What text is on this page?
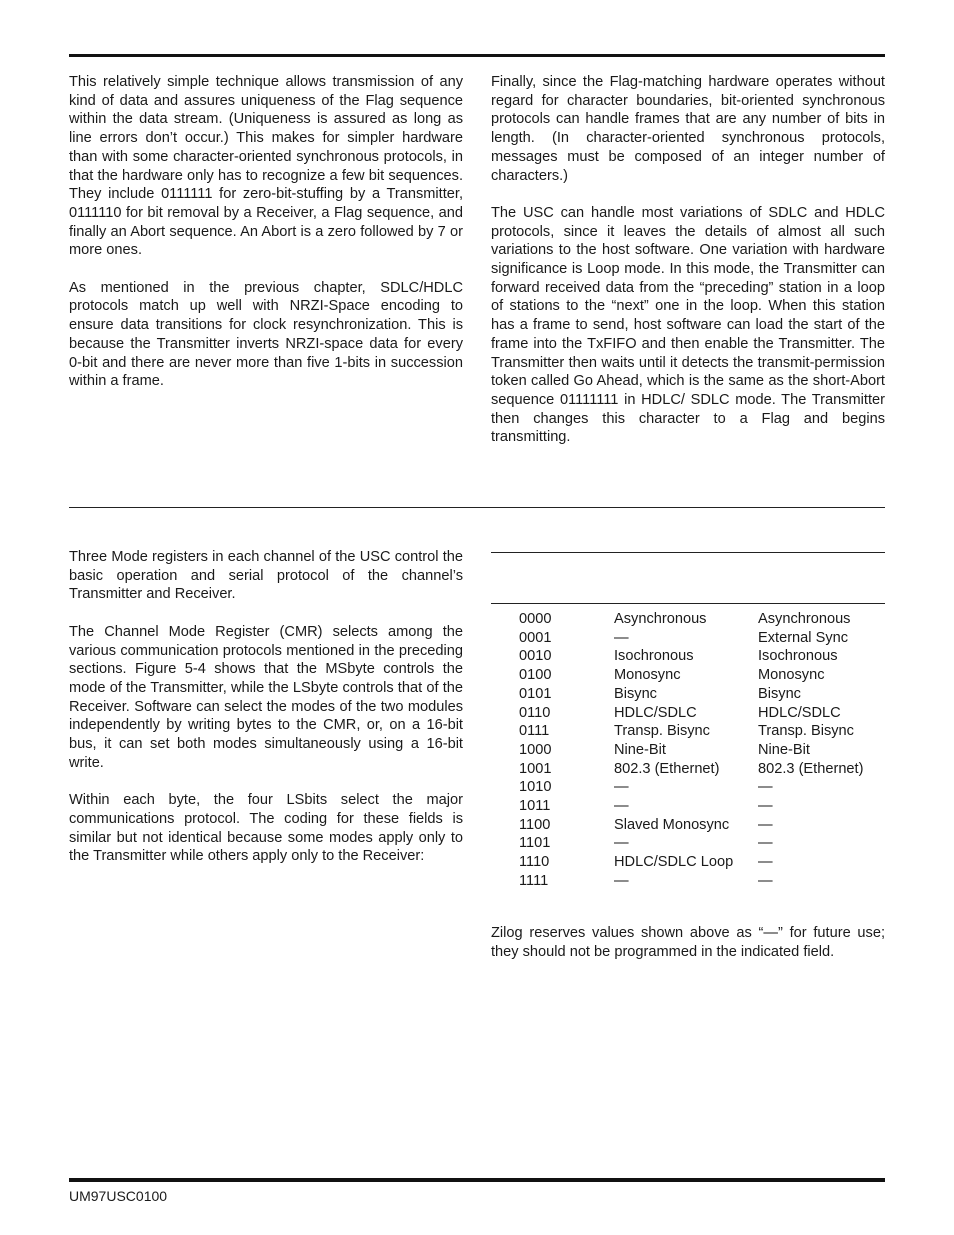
This relatively simple technique allows transmission of any kind of data and assures uniqueness of the Flag sequence within the data stream. (Uniqueness is assured as long as line errors don’t occur.) This makes for simpler hardware than with some character-oriented synchronous protocols, in that the hardware only has to recognize a few bit sequences. They include 0111111 for zero-bit-stuffing by a Transmitter, 0111110 for bit removal by a Receiver, a Flag sequence, and finally an Abort sequence. An Abort is a zero followed by 7 or more ones.

As mentioned in the previous chapter, SDLC/HDLC protocols match up well with NRZI-Space encoding to ensure data transitions for clock resynchronization. This is because the Transmitter inverts NRZI-space data for every 0-bit and there are never more than five 1-bits in succession within a frame.

Finally, since the Flag-matching hardware operates without regard for character boundaries, bit-oriented synchronous protocols can handle frames that are any number of bits in length. (In character-oriented synchronous protocols, messages must be composed of an integer number of characters.)

The USC can handle most variations of SDLC and HDLC protocols, since it leaves the details of almost all such variations to the host software. One variation with hardware significance is Loop mode. In this mode, the Transmitter can forward received data from the “preceding” station in a loop of stations to the “next” one in the loop. When this station has a frame to send, host software can load the start of the frame into the TxFIFO and then enable the Transmitter. The Transmitter then waits until it detects the transmit-permission token called Go Ahead, which is the same as the short-Abort sequence 01111111 in HDLC/ SDLC mode. The Transmitter then changes this character to a Flag and begins transmitting.

Three Mode registers in each channel of the USC control the basic operation and serial protocol of the channel’s Transmitter and Receiver.

The Channel Mode Register (CMR) selects among the various communication protocols mentioned in the preceding sections. Figure 5-4 shows that the MSbyte controls the mode of the Transmitter, while the LSbyte controls that of the Receiver. Software can select the modes of the two modules independently by writing bytes to the CMR, or, on a 16-bit bus, it can set both modes simultaneously using a 16-bit write.

Within each byte, the four LSbits select the major communications protocol. The coding for these fields is similar but not identical because some modes apply only to the Transmitter while others apply only to the Receiver:

0000	Asynchronous	Asynchronous
0001	—	External Sync
0010	Isochronous	Isochronous
0100	Monosync	Monosync
0101	Bisync	Bisync
0110	HDLC/SDLC	HDLC/SDLC
0111	Transp. Bisync	Transp. Bisync
1000	Nine-Bit	Nine-Bit
1001	802.3 (Ethernet)	802.3 (Ethernet)
1010	—	—
1011	—	—
1100	Slaved Monosync	—
1101	—	—
1110	HDLC/SDLC Loop	—
1111	—	—
Zilog reserves values shown above as “—” for future use; they should not be programmed in the indicated field.
UM97USC0100
